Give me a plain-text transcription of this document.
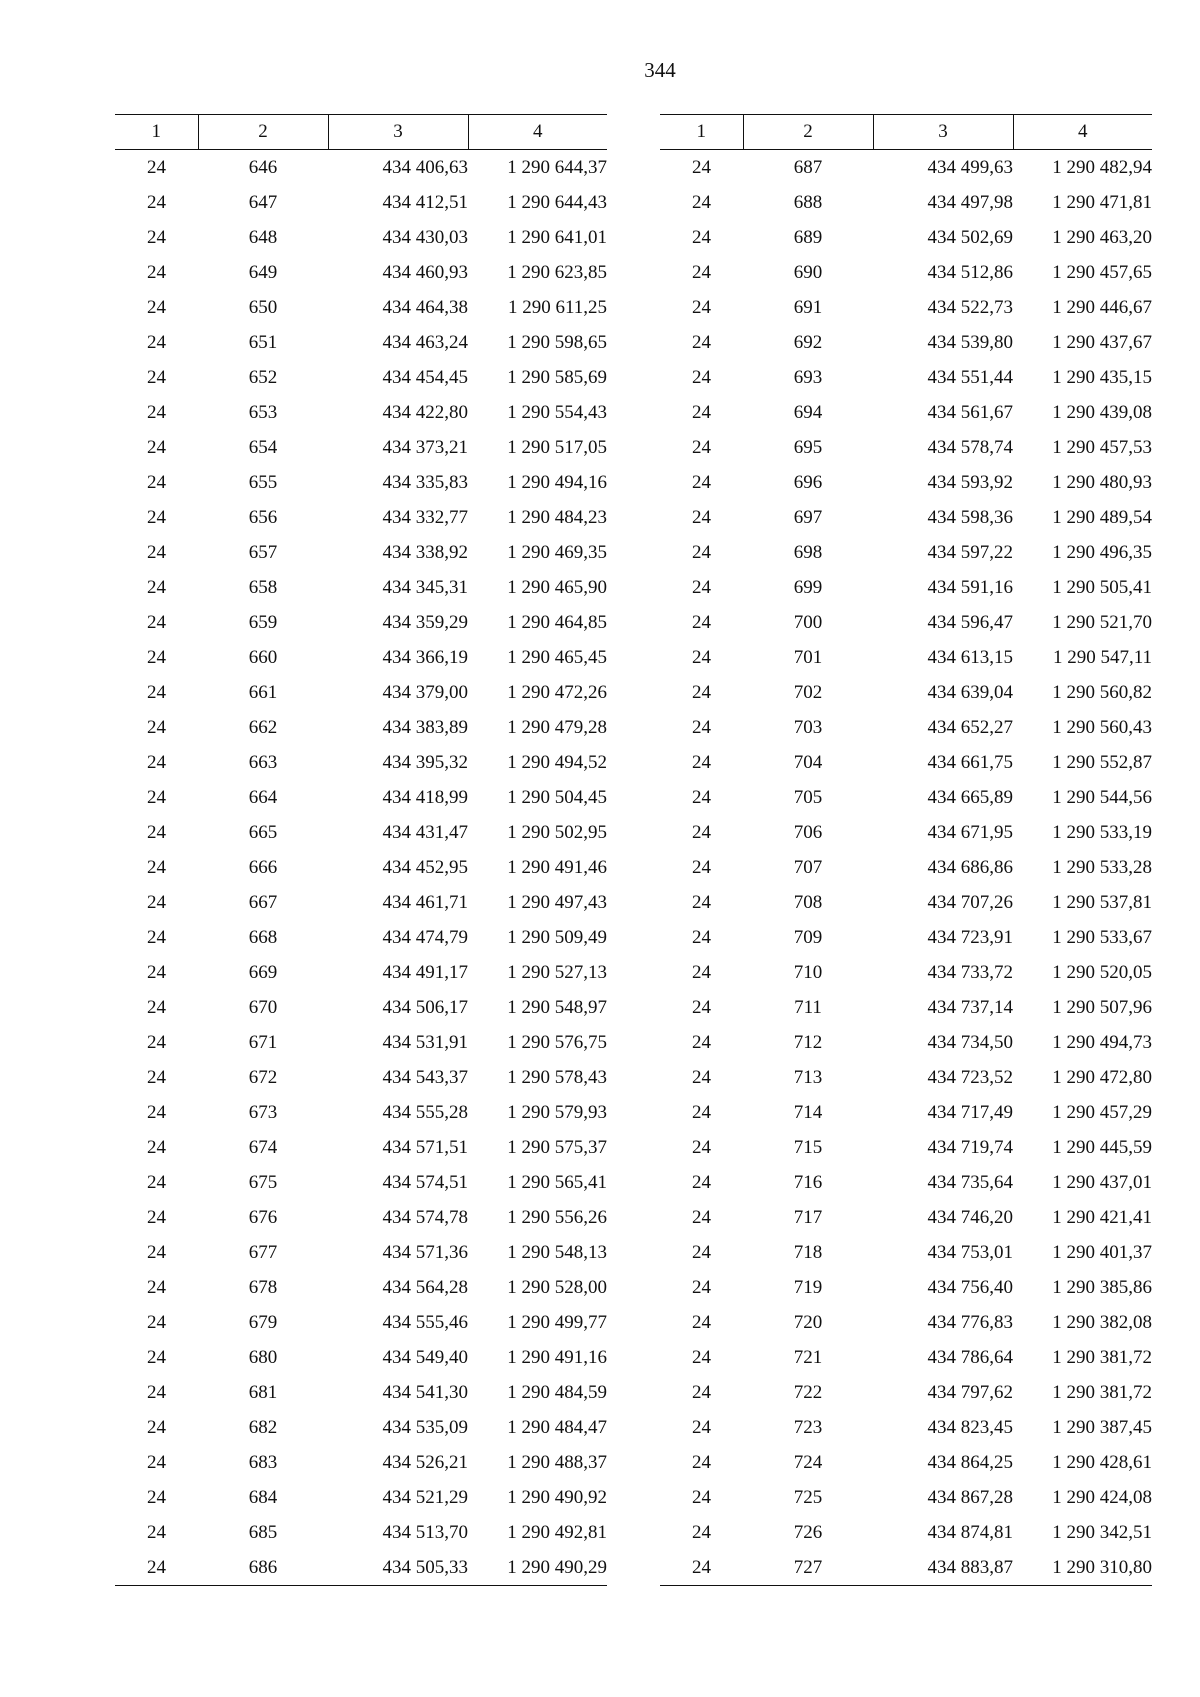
344
1	2	3	4
24	646	434 406,63	1 290 644,37
24	647	434 412,51	1 290 644,43
24	648	434 430,03	1 290 641,01
24	649	434 460,93	1 290 623,85
24	650	434 464,38	1 290 611,25
24	651	434 463,24	1 290 598,65
24	652	434 454,45	1 290 585,69
24	653	434 422,80	1 290 554,43
24	654	434 373,21	1 290 517,05
24	655	434 335,83	1 290 494,16
24	656	434 332,77	1 290 484,23
24	657	434 338,92	1 290 469,35
24	658	434 345,31	1 290 465,90
24	659	434 359,29	1 290 464,85
24	660	434 366,19	1 290 465,45
24	661	434 379,00	1 290 472,26
24	662	434 383,89	1 290 479,28
24	663	434 395,32	1 290 494,52
24	664	434 418,99	1 290 504,45
24	665	434 431,47	1 290 502,95
24	666	434 452,95	1 290 491,46
24	667	434 461,71	1 290 497,43
24	668	434 474,79	1 290 509,49
24	669	434 491,17	1 290 527,13
24	670	434 506,17	1 290 548,97
24	671	434 531,91	1 290 576,75
24	672	434 543,37	1 290 578,43
24	673	434 555,28	1 290 579,93
24	674	434 571,51	1 290 575,37
24	675	434 574,51	1 290 565,41
24	676	434 574,78	1 290 556,26
24	677	434 571,36	1 290 548,13
24	678	434 564,28	1 290 528,00
24	679	434 555,46	1 290 499,77
24	680	434 549,40	1 290 491,16
24	681	434 541,30	1 290 484,59
24	682	434 535,09	1 290 484,47
24	683	434 526,21	1 290 488,37
24	684	434 521,29	1 290 490,92
24	685	434 513,70	1 290 492,81
24	686	434 505,33	1 290 490,29
1	2	3	4
24	687	434 499,63	1 290 482,94
24	688	434 497,98	1 290 471,81
24	689	434 502,69	1 290 463,20
24	690	434 512,86	1 290 457,65
24	691	434 522,73	1 290 446,67
24	692	434 539,80	1 290 437,67
24	693	434 551,44	1 290 435,15
24	694	434 561,67	1 290 439,08
24	695	434 578,74	1 290 457,53
24	696	434 593,92	1 290 480,93
24	697	434 598,36	1 290 489,54
24	698	434 597,22	1 290 496,35
24	699	434 591,16	1 290 505,41
24	700	434 596,47	1 290 521,70
24	701	434 613,15	1 290 547,11
24	702	434 639,04	1 290 560,82
24	703	434 652,27	1 290 560,43
24	704	434 661,75	1 290 552,87
24	705	434 665,89	1 290 544,56
24	706	434 671,95	1 290 533,19
24	707	434 686,86	1 290 533,28
24	708	434 707,26	1 290 537,81
24	709	434 723,91	1 290 533,67
24	710	434 733,72	1 290 520,05
24	711	434 737,14	1 290 507,96
24	712	434 734,50	1 290 494,73
24	713	434 723,52	1 290 472,80
24	714	434 717,49	1 290 457,29
24	715	434 719,74	1 290 445,59
24	716	434 735,64	1 290 437,01
24	717	434 746,20	1 290 421,41
24	718	434 753,01	1 290 401,37
24	719	434 756,40	1 290 385,86
24	720	434 776,83	1 290 382,08
24	721	434 786,64	1 290 381,72
24	722	434 797,62	1 290 381,72
24	723	434 823,45	1 290 387,45
24	724	434 864,25	1 290 428,61
24	725	434 867,28	1 290 424,08
24	726	434 874,81	1 290 342,51
24	727	434 883,87	1 290 310,80
